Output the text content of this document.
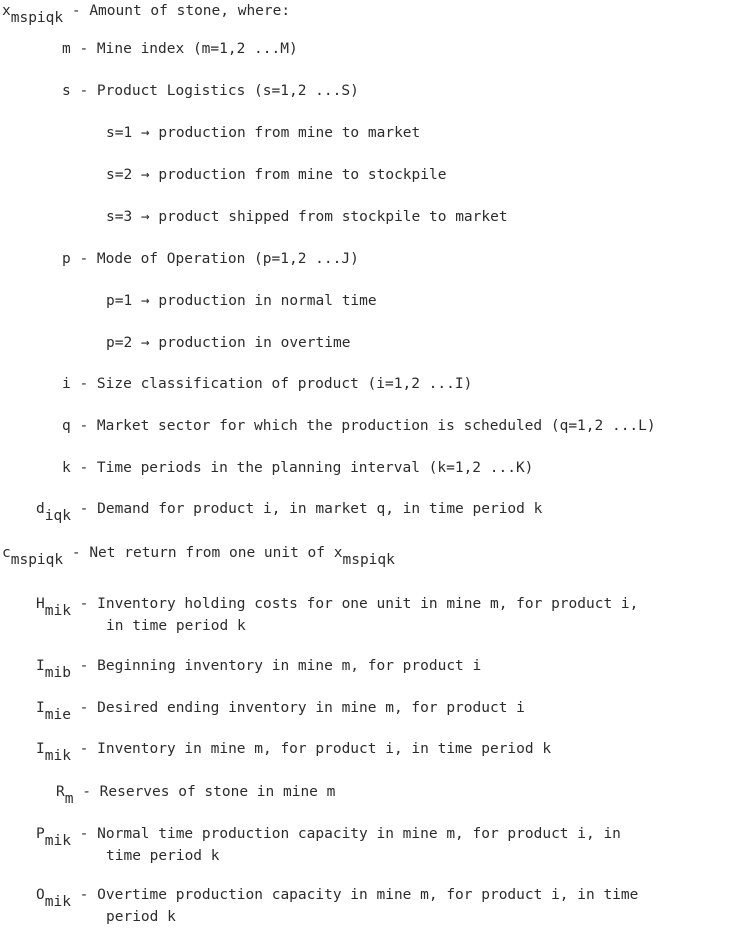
xmspiqk - Amount of stone, where:
m - Mine index (m=1,2 ...M)
s - Product Logistics (s=1,2 ...S)
s=1 → production from mine to market
s=2 → production from mine to stockpile
s=3 → product shipped from stockpile to market
p - Mode of Operation (p=1,2 ...J)
p=1 → production in normal time
p=2 → production in overtime
i - Size classification of product (i=1,2 ...I)
q - Market sector for which the production is scheduled (q=1,2 ...L)
k - Time periods in the planning interval (k=1,2 ...K)
diqk - Demand for product i, in market q, in time period k
cmspiqk - Net return from one unit of xmspiqk
Hmik - Inventory holding costs for one unit in mine m, for product i,
in time period k
Imib - Beginning inventory in mine m, for product i
Imie - Desired ending inventory in mine m, for product i
Imik - Inventory in mine m, for product i, in time period k
Rm - Reserves of stone in mine m
Pmik - Normal time production capacity in mine m, for product i, in
time period k
Omik - Overtime production capacity in mine m, for product i, in time
period k
